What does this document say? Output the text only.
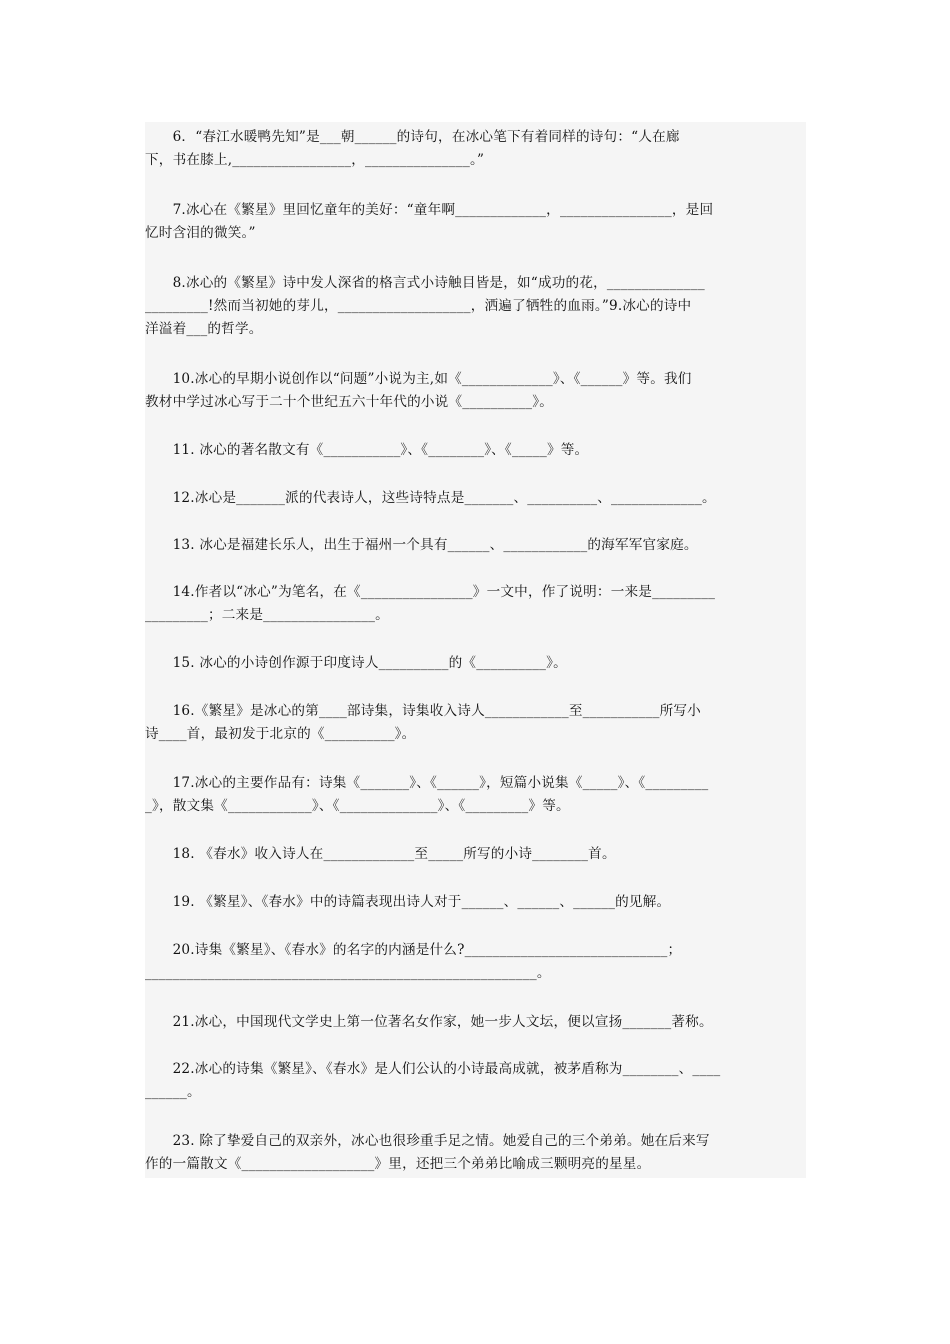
　　6．“春江水暖鸭先知”是___朝______的诗句，在冰心笔下有着同样的诗句：“人在廊
下，书在膝上,_________________，_______________。”
　　7.冰心在《繁星》里回忆童年的美好：“童年啊_____________，________________，是回
忆时含泪的微笑。”
　　8.冰心的《繁星》诗中发人深省的格言式小诗触目皆是，如“成功的花，______________
_________!然而当初她的芽儿，___________________，洒遍了牺牲的血雨。”9.冰心的诗中
洋溢着___的哲学。
　　10.冰心的早期小说创作以“问题”小说为主,如《_____________》、《______》等。我们
教材中学过冰心写于二十个世纪五六十年代的小说《__________》。
　　11. 冰心的著名散文有《___________》、《________》、《_____》等。
　　12.冰心是_______派的代表诗人，这些诗特点是_______、__________、_____________。
　　13. 冰心是福建长乐人，出生于福州一个具有______、____________的海军军官家庭。
　　14.作者以“冰心”为笔名，在《________________》一文中，作了说明：一来是_________
_________；二来是________________。
　　15. 冰心的小诗创作源于印度诗人__________的《__________》。
　　16.《繁星》是冰心的第____部诗集，诗集收入诗人____________至___________所写小
诗____首，最初发于北京的《__________》。
　　17.冰心的主要作品有：诗集《_______》、《______》，短篇小说集《_____》、《_________
_》，散文集《____________》、《______________》、《_________》等。
　　18. 《春水》收入诗人在_____________至_____所写的小诗________首。
　　19. 《繁星》、《春水》中的诗篇表现出诗人对于______、______、______的见解。
　　20.诗集《繁星》、《春水》的名字的内涵是什么?_____________________________；
________________________________________________________。
　　21.冰心，中国现代文学史上第一位著名女作家，她一步人文坛，便以宣扬_______著称。
　　22.冰心的诗集《繁星》、《春水》是人们公认的小诗最高成就，被茅盾称为________、____
______。
　　23. 除了挚爱自己的双亲外，冰心也很珍重手足之情。她爱自己的三个弟弟。她在后来写
作的一篇散文《___________________》里，还把三个弟弟比喻成三颗明亮的星星。
